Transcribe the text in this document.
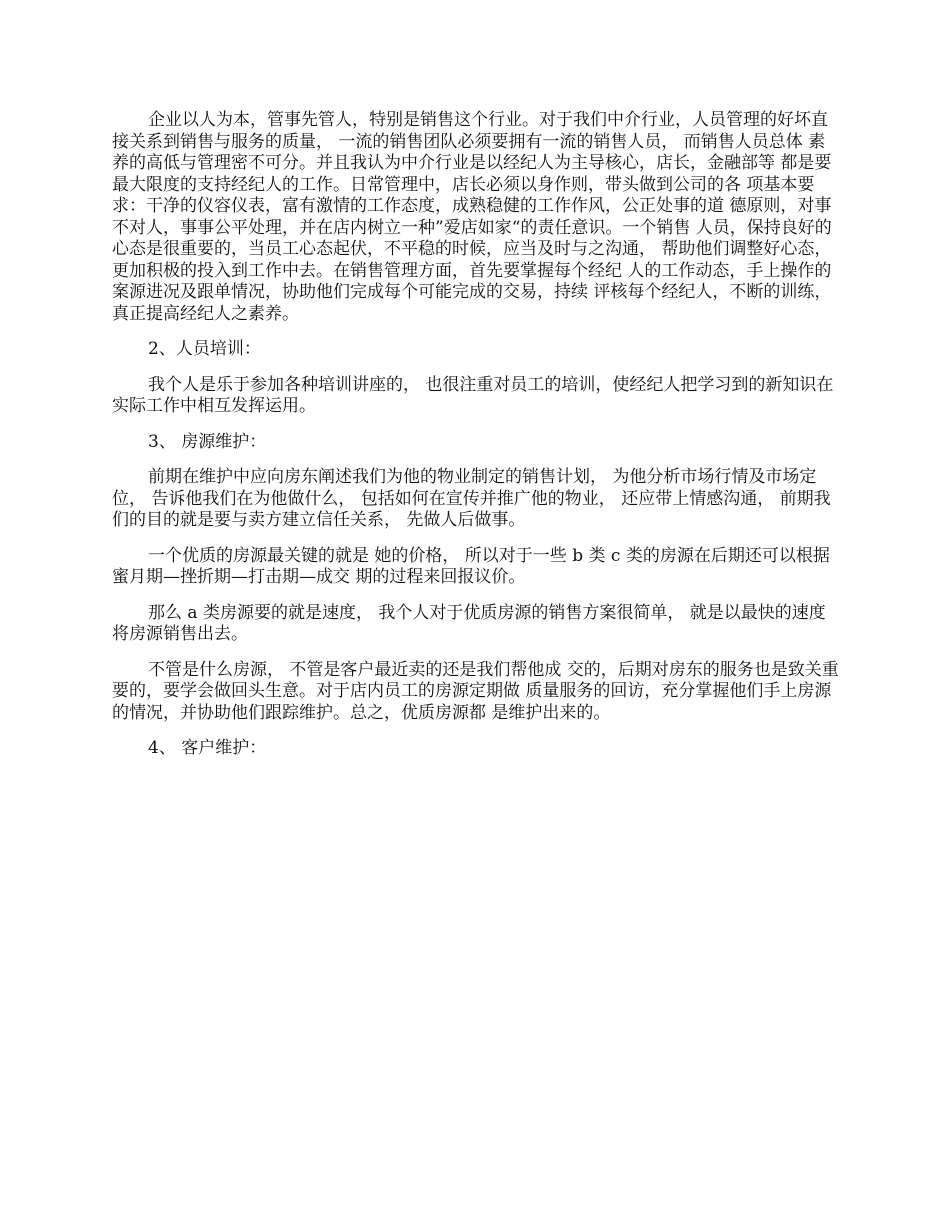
企业以人为本，管事先管人，特别是销售这个行业。对于我们中介行业，人员管理的好坏直 接关系到销售与服务的质量， 一流的销售团队必须要拥有一流的销售人员， 而销售人员总体 素养的高低与管理密不可分。并且我认为中介行业是以经纪人为主导核心，店长，金融部等 都是要最大限度的支持经纪人的工作。日常管理中，店长必须以身作则，带头做到公司的各 项基本要求：干净的仪容仪表，富有激情的工作态度，成熟稳健的工作作风，公正处事的道 德原则，对事不对人，事事公平处理，并在店内树立一种”爱店如家“的责任意识。一个销售 人员，保持良好的心态是很重要的，当员工心态起伏，不平稳的时候，应当及时与之沟通， 帮助他们调整好心态，更加积极的投入到工作中去。在销售管理方面，首先要掌握每个经纪 人的工作动态，手上操作的案源进况及跟单情况，协助他们完成每个可能完成的交易，持续 评核每个经纪人，不断的训练，真正提高经纪人之素养。

2、人员培训：

我个人是乐于参加各种培训讲座的， 也很注重对员工的培训，使经纪人把学习到的新知识在实际工作中相互发挥运用。

3、 房源维护：

前期在维护中应向房东阐述我们为他的物业制定的销售计划， 为他分析市场行情及市场定位， 告诉他我们在为他做什么， 包括如何在宣传并推广他的物业， 还应带上情感沟通， 前期我们的目的就是要与卖方建立信任关系， 先做人后做事。

一个优质的房源最关键的就是 她的价格， 所以对于一些 b 类 c 类的房源在后期还可以根据蜜月期—挫折期—打击期—成交 期的过程来回报议价。

那么 a 类房源要的就是速度， 我个人对于优质房源的销售方案很简单， 就是以最快的速度将房源销售出去。

不管是什么房源， 不管是客户最近卖的还是我们帮他成 交的，后期对房东的服务也是致关重要的，要学会做回头生意。对于店内员工的房源定期做 质量服务的回访，充分掌握他们手上房源的情况，并协助他们跟踪维护。总之，优质房源都 是维护出来的。

4、 客户维护：
